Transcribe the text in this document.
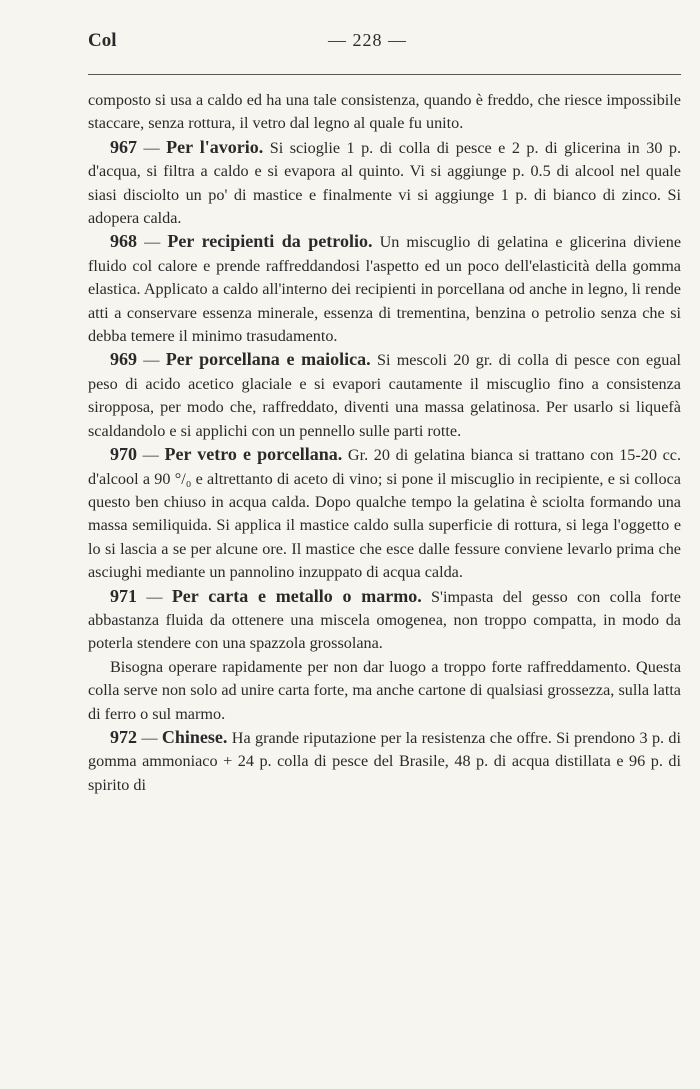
Col	— 228 —

composto si usa a caldo ed ha una tale consistenza, quando è freddo, che riesce impossibile staccare, senza rottura, il vetro dal legno al quale fu unito.

967 — Per l'avorio. Si scioglie 1 p. di colla di pesce e 2 p. di glicerina in 30 p. d'acqua, si filtra a caldo e si evapora al quinto. Vi si aggiunge p. 0.5 di alcool nel quale siasi disciolto un po' di mastice e finalmente vi si aggiunge 1 p. di bianco di zinco. Si adopera calda.

968 — Per recipienti da petrolio. Un miscuglio di gelatina e glicerina diviene fluido col calore e prende raffreddandosi l'aspetto ed un poco dell'elasticità della gomma elastica. Applicato a caldo all'interno dei recipienti in porcellana od anche in legno, li rende atti a conservare essenza minerale, essenza di trementina, benzina o petrolio senza che si debba temere il minimo trasudamento.

969 — Per porcellana e maiolica. Si mescoli 20 gr. di colla di pesce con egual peso di acido acetico glaciale e si evapori cautamente il miscuglio fino a consistenza siropposa, per modo che, raffreddato, diventi una massa gelatinosa. Per usarlo si liquefà scaldandolo e si applichi con un pennello sulle parti rotte.

970 — Per vetro e porcellana. Gr. 20 di gelatina bianca si trattano con 15-20 cc. d'alcool a 90 °/₀ e altrettanto di aceto di vino; si pone il miscuglio in recipiente, e si colloca questo ben chiuso in acqua calda. Dopo qualche tempo la gelatina è sciolta formando una massa semiliquida. Si applica il mastice caldo sulla superficie di rottura, si lega l'oggetto e lo si lascia a se per alcune ore. Il mastice che esce dalle fessure conviene levarlo prima che asciughi mediante un pannolino inzuppato di acqua calda.

971 — Per carta e metallo o marmo. S'impasta del gesso con colla forte abbastanza fluida da ottenere una miscela omogenea, non troppo compatta, in modo da poterla stendere con una spazzola grossolana.

Bisogna operare rapidamente per non dar luogo a troppo forte raffreddamento. Questa colla serve non solo ad unire carta forte, ma anche cartone di qualsiasi grossezza, sulla latta di ferro o sul marmo.

972 — Chinese. Ha grande riputazione per la resistenza che offre. Si prendono 3 p. di gomma ammoniaco + 24 p. colla di pesce del Brasile, 48 p. di acqua distillata e 96 p. di spirito di
